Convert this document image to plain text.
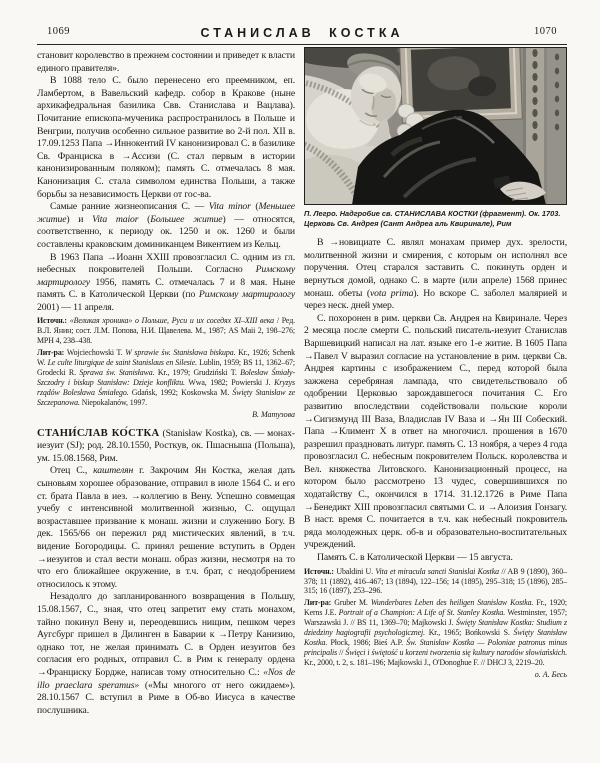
1069	СТАНИСЛАВ КОСТКА	1070

становит королевство в прежнем состоянии и приведет к власти единого правителя».

В 1088 тело С. было перенесено его преемником, еп. Ламбертом, в Вавельский кафедр. собор в Кракове (ныне архикафедральная базилика Свв. Станислава и Вацлава). Почитание епископа-мученика распространилось в Польше и Венгрии, получив особенно сильное развитие во 2-й пол. XII в. 17.09.1253 Папа →Иннокентий IV канонизировал С. в базилике Св. Франциска в →Ассизи (С. стал первым в истории канонизированным поляком); память С. отмечалась 8 мая. Канонизация С. стала символом единства Польши, а также борьбы за независимость Церкви от гос-ва.

Самые ранние жизнеописания С. — Vita minor (Меньшее житие) и Vita maior (Большее житие) — относятся, соответственно, к периоду ок. 1250 и ок. 1260 и были составлены краковским доминиканцем Викентием из Кельц.

В 1963 Папа →Иоанн XXIII провозгласил С. одним из гл. небесных покровителей Польши. Согласно Римскому мартирологу 1956, память С. отмечалась 7 и 8 мая. Ныне память С. в Католической Церкви (по Римскому мартирологу 2001) — 11 апреля.

Источн.: «Великая хроника» о Польше, Руси и их соседях XI–XIII века / Ред. В.Л. Янин; сост. Л.М. Попова, Н.И. Щавелева. М., 1987; AS Maii 2, 198–276; MPH 4, 238–438.

Лит-ра: Wojciechowski T. W sprawie św. Stanisława biskupa. Kr., 1926; Schenk W. Le culte liturgique de saint Stanislaus en Silesie. Lublin, 1959; BS 11, 1362–67; Grodecki R. Sprawa św. Stanisława. Kr., 1979; Grudziński T. Bolesław Śmiały-Szczodry i biskup Stanisław: Dzieje konfliktu. Wwa, 1982; Powierski J. Kryzys rządów Bolesława Śmiałego. Gdańsk, 1992; Koskowska M. Święty Stanisław ze Szczepanowa. Niepokalanów, 1997.

В. Матузова

СТАНИ́СЛАВ КО́СТКА (Stanisław Kostka), св. — монах-иезуит (SJ); род. 28.10.1550, Росткув, ок. Пшасныша (Польша), ум. 15.08.1568, Рим.

Отец С., каштелян г. Закрочим Ян Костка, желая дать сыновьям хорошее образование, отправил в июле 1564 С. и его ст. брата Павла в иез. →коллегию в Вену. Успешно совмещая учебу с интенсивной молитвенной жизнью, С. ощущал возраставшее призвание к монаш. жизни и служению Богу. В дек. 1565/66 он пережил ряд мистических явлений, в т.ч. видение Богородицы. С. принял решение вступить в Орден →иезуитов и стал вести монаш. образ жизни, несмотря на то что его ближайшее окружение, в т.ч. брат, с неодобрением относилось к этому.

Незадолго до запланированного возвращения в Польшу, 15.08.1567, С., зная, что отец запретит ему стать монахом, тайно покинул Вену и, переодевшись нищим, пешком через Аугсбург пришел в Дилинген в Баварии к →Петру Канизию, однако тот, не желая принимать С. в Орден иезуитов без согласия его родных, отправил С. в Рим к генералу ордена →Франциску Бордже, написав тому относительно С.: «Nos de illo praeclara speramus» («Мы многого от него ожидаем»). 28.10.1567 С. вступил в Риме в Об-во Иисуса в качестве послушника.

П. Легро. Надгробие св. СТАНИСЛАВА КОСТКИ (фрагмент). Ок. 1703.
Церковь Св. Андрея (Сант Андреа аль Квиринале), Рим

В →новициате С. являл монахам пример дух. зрелости, молитвенной жизни и смирения, с которым он исполнял все поручения. Отец старался заставить С. покинуть орден и вернуться домой, однако С. в марте (или апреле) 1568 принес монаш. обеты (vota prima). Но вскоре С. заболел малярией и через неск. дней умер.

С. похоронен в рим. церкви Св. Андрея на Квиринале. Через 2 месяца после смерти С. польский писатель-иезуит Станислав Варшевицкий написал на лат. языке его 1-е житие. В 1605 Папа →Павел V выразил согласие на установление в рим. церкви Св. Андрея картины с изображением С., перед которой была зажжена серебряная лампада, что свидетельствовало об одобрении Церковью зарождавшегося почитания С. Его развитию впоследствии содействовали польские короли →Сигизмунд III Ваза, Владислав IV Ваза и →Ян III Собеский. Папа →Климент X в ответ на многочисл. прошения в 1670 разрешил праздновать литург. память С. 13 ноября, а через 4 года провозгласил С. небесным покровителем Польск. королевства и Вел. княжества Литовского. Канонизационный процесс, на котором было рассмотрено 13 чудес, совершившихся по ходатайству С., окончился в 1714. 31.12.1726 в Риме Папа →Бенедикт XIII провозгласил святыми С. и →Алоизия Гонзагу. В наст. время С. почитается в т.ч. как небесный покровитель ряда молодежных церк. об-в и образовательно-воспитательных учреждений.

Память С. в Католической Церкви — 15 августа.

Источн.: Ubaldini U. Vita et miracula sancti Stanislai Kostka // AB 9 (1890), 360–378; 11 (1892), 416–467; 13 (1894), 122–156; 14 (1895), 295–318; 15 (1896), 285–315; 16 (1897), 253–296.

Лит-ра: Gruber M. Wunderbares Leben des heiligen Stanislaw Kostka. Fr., 1920; Kerns J.E. Portrait of a Champion: A Life of St. Stanley Kostka. Westminster, 1957; Warszawski J. // BS 11, 1369–70; Majkowski J. Święty Stanisław Kostka: Studium z dziedziny hagiografii psychologicznej. Kr., 1965; Bońkowski S. Święty Stanisław Kostka. Płock, 1986; Bieś A.P. Św. Stanisław Kostka — Poloniae patronus minus principalis // Święci i świętość u korzeni tworzenia się kultury narodów słowiańskich. Kr., 2000, t. 2, s. 181–196; Majkowski J., O'Donoghue F. // DHCJ 3, 2219–20.

о. А. Бесь
